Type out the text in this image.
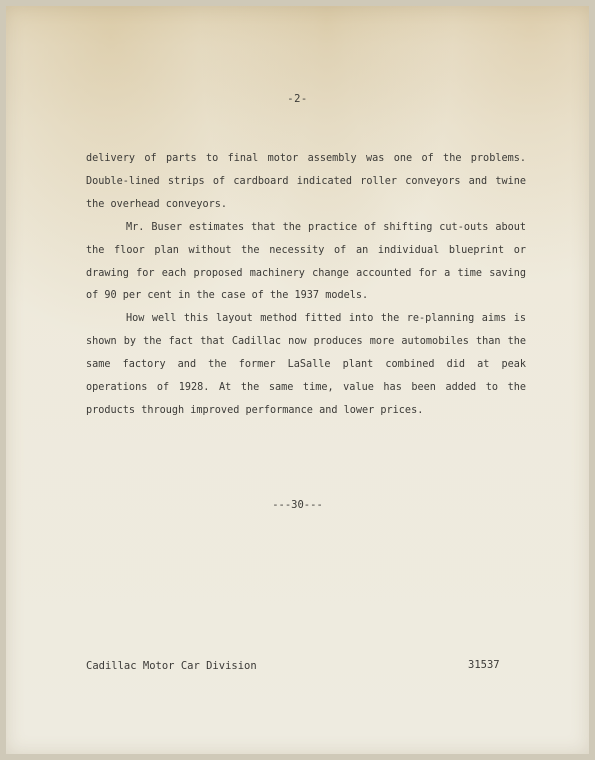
-2-

delivery of parts to final motor assembly was one of the problems. Double-lined strips of cardboard indicated roller conveyors and twine the overhead conveyors.

Mr. Buser estimates that the practice of shifting cut-outs about the floor plan without the necessity of an individual blueprint or drawing for each proposed machinery change accounted for a time saving of 90 per cent in the case of the 1937 models.

How well this layout method fitted into the re-planning aims is shown by the fact that Cadillac now produces more automobiles than the same factory and the former LaSalle plant combined did at peak operations of 1928. At the same time, value has been added to the products through improved performance and lower prices.

---30---
Cadillac Motor Car Division	31537
